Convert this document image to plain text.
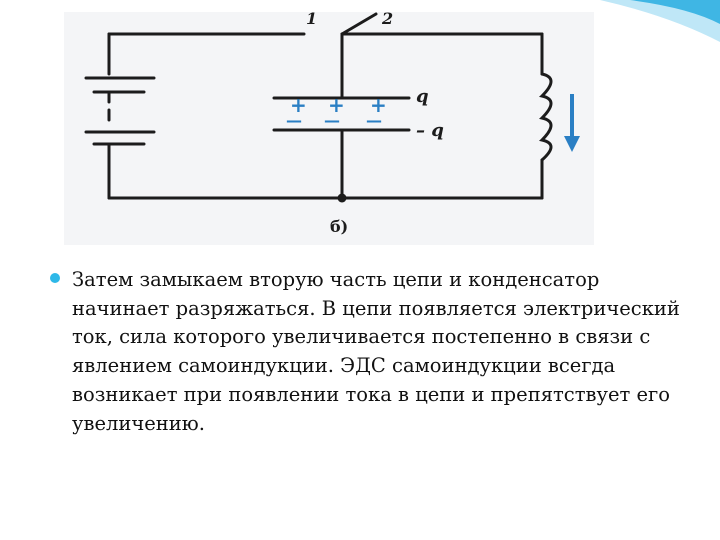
1	2
+ + +
— — —
q
– q
б)
Затем замыкаем вторую часть цепи и конденсатор начинает разряжаться. В цепи появляется электрический ток, сила которого увеличивается постепенно в связи с явлением самоиндукции. ЭДС самоиндукции всегда возникает при появлении тока в цепи и препятствует его увеличению.
